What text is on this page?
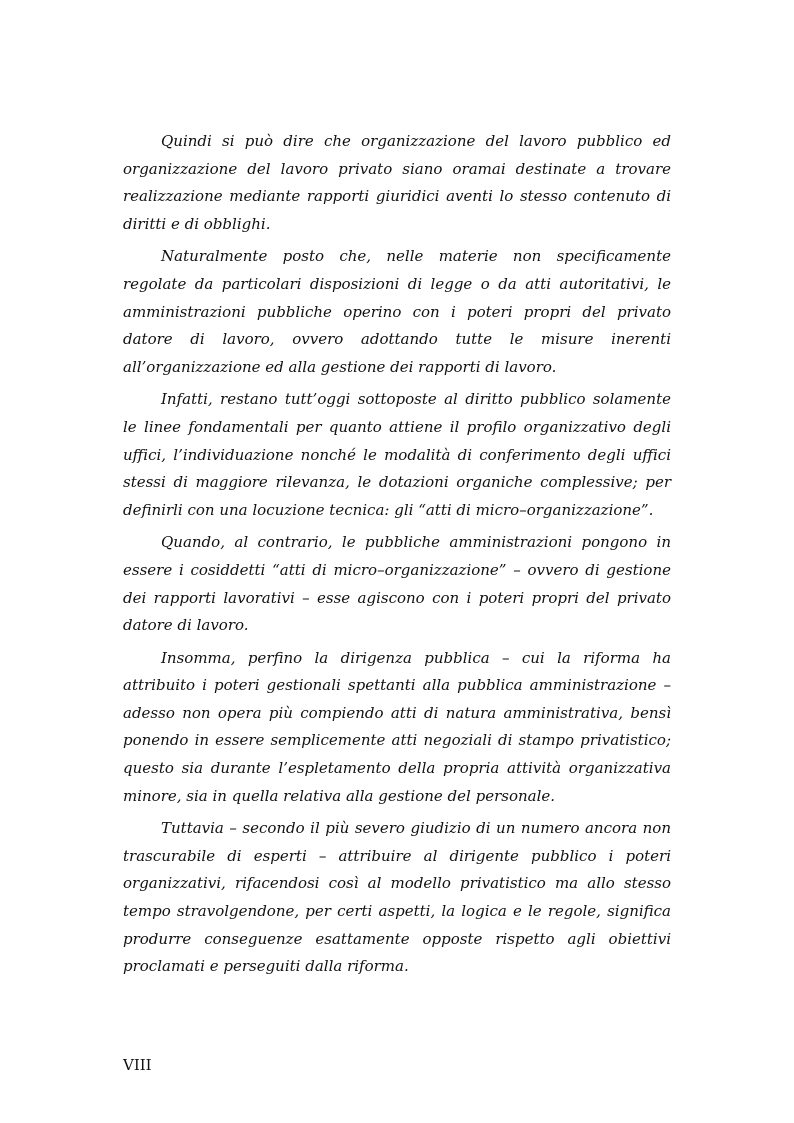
Quindi si può dire che organizzazione del lavoro pubblico ed organizzazione del lavoro privato siano oramai destinate a trovare realizzazione mediante rapporti giuridici aventi lo stesso contenuto di diritti e di obblighi.

Naturalmente posto che, nelle materie non specificamente regolate da particolari disposizioni di legge o da atti autoritativi, le amministrazioni pubbliche operino con i poteri propri del privato datore di lavoro, ovvero adottando tutte le misure inerenti all’organizzazione ed alla gestione dei rapporti di lavoro.

Infatti, restano tutt’oggi sottoposte al diritto pubblico solamente le linee fondamentali per quanto attiene il profilo organizzativo degli uffici, l’individuazione nonché le modalità di conferimento degli uffici stessi di maggiore rilevanza, le dotazioni organiche complessive; per definirli con una locuzione tecnica: gli “atti di micro–organizzazione”.

Quando, al contrario, le pubbliche amministrazioni pongono in essere i cosiddetti “atti di micro–organizzazione” – ovvero di gestione dei rapporti lavorativi – esse agiscono con i poteri propri del privato datore di lavoro.

Insomma, perfino la dirigenza pubblica – cui la riforma ha attribuito i poteri gestionali spettanti alla pubblica amministrazione – adesso non opera più compiendo atti di natura amministrativa, bensì ponendo in essere semplicemente atti negoziali di stampo privatistico; questo sia durante l’espletamento della propria attività organizzativa minore, sia in quella relativa alla gestione del personale.

Tuttavia – secondo il più severo giudizio di un numero ancora non trascurabile di esperti – attribuire al dirigente pubblico i poteri organizzativi, rifacendosi così al modello privatistico ma allo stesso tempo stravolgendone, per certi aspetti, la logica e le regole, significa produrre conseguenze esattamente opposte rispetto agli obiettivi proclamati e perseguiti dalla riforma.

VIII
